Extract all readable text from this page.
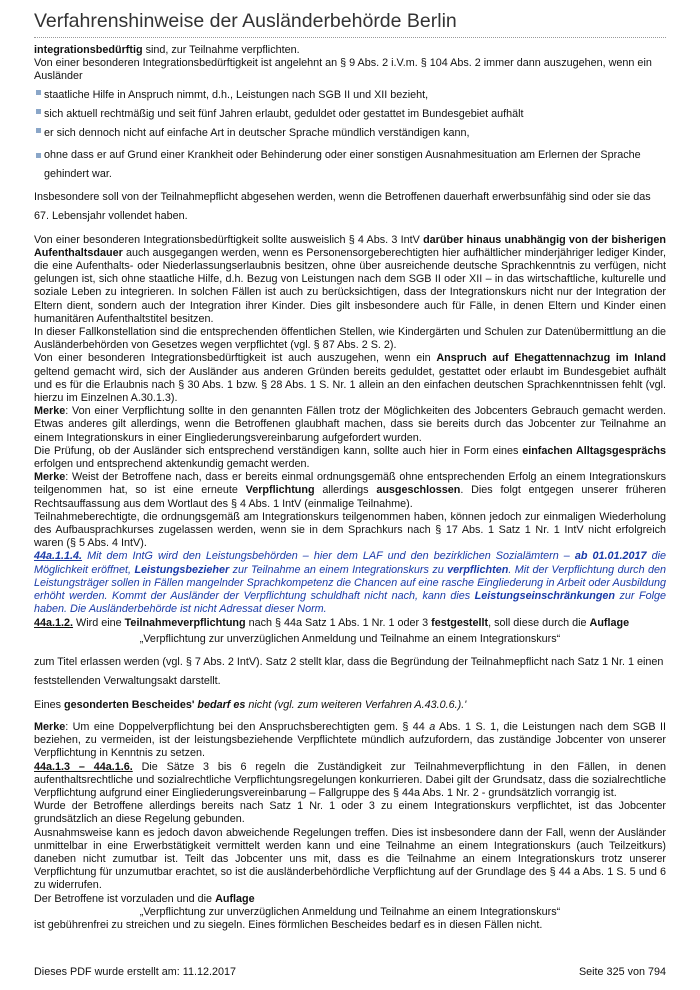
Verfahrenshinweise der Ausländerbehörde Berlin

integrationsbedürftig sind, zur Teilnahme verpflichten.
Von einer besonderen Integrationsbedürftigkeit ist angelehnt an § 9 Abs. 2 i.V.m. § 104 Abs. 2 immer dann auszugehen, wenn ein Ausländer

staatliche Hilfe in Anspruch nimmt, d.h., Leistungen nach SGB II und XII bezieht,
sich aktuell rechtmäßig und seit fünf Jahren erlaubt, geduldet oder gestattet im Bundesgebiet aufhält
er sich dennoch nicht auf einfache Art in deutscher Sprache mündlich verständigen kann,
ohne dass er auf Grund einer Krankheit oder Behinderung oder einer sonstigen Ausnahmesituation am Erlernen der Sprache gehindert war.

Insbesondere soll von der Teilnahmepflicht abgesehen werden, wenn die Betroffenen dauerhaft erwerbsunfähig sind oder sie das 67. Lebensjahr vollendet haben.

Von einer besonderen Integrationsbedürftigkeit sollte ausweislich § 4 Abs. 3 IntV darüber hinaus unabhängig von der bisherigen Aufenthaltsdauer auch ausgegangen werden, wenn es Personensorgeberechtigten hier aufhältlicher minderjähriger lediger Kinder, die eine Aufenthalts- oder Niederlassungserlaubnis besitzen, ohne über ausreichende deutsche Sprachkenntnis zu verfügen, nicht gelungen ist, sich ohne staatliche Hilfe, d.h. Bezug von Leistungen nach dem SGB II oder XII – in das wirtschaftliche, kulturelle und soziale Leben zu integrieren. In solchen Fällen ist auch zu berücksichtigen, dass der Integrationskurs nicht nur der Integration der Eltern dient, sondern auch der Integration ihrer Kinder. Dies gilt insbesondere auch für Fälle, in denen Eltern und Kinder einen humanitären Aufenthaltstitel besitzen.

In dieser Fallkonstellation sind die entsprechenden öffentlichen Stellen, wie Kindergärten und Schulen zur Datenübermittlung an die Ausländerbehörden von Gesetzes wegen verpflichtet (vgl. § 87 Abs. 2 S. 2).

Von einer besonderen Integrationsbedürftigkeit ist auch auszugehen, wenn ein Anspruch auf Ehegattennachzug im Inland geltend gemacht wird, sich der Ausländer aus anderen Gründen bereits geduldet, gestattet oder erlaubt im Bundesgebiet aufhält und es für die Erlaubnis nach § 30 Abs. 1 bzw. § 28 Abs. 1 S. Nr. 1 allein an den einfachen deutschen Sprachkenntnissen fehlt (vgl. hierzu im Einzelnen A.30.1.3).

Merke: Von einer Verpflichtung sollte in den genannten Fällen trotz der Möglichkeiten des Jobcenters Gebrauch gemacht werden. Etwas anderes gilt allerdings, wenn die Betroffenen glaubhaft machen, dass sie bereits durch das Jobcenter zur Teilnahme an einem Integrationskurs in einer Eingliederungsvereinbarung aufgefordert wurden.

Die Prüfung, ob der Ausländer sich entsprechend verständigen kann, sollte auch hier in Form eines einfachen Alltagsgesprächs erfolgen und entsprechend aktenkundig gemacht werden.

Merke: Weist der Betroffene nach, dass er bereits einmal ordnungsgemäß ohne entsprechenden Erfolg an einem Integrationskurs teilgenommen hat, so ist eine erneute Verpflichtung allerdings ausgeschlossen. Dies folgt entgegen unserer früheren Rechtsauffassung aus dem Wortlaut des § 4 Abs. 1 IntV (einmalige Teilnahme).

Teilnahmeberechtigte, die ordnungsgemäß am Integrationskurs teilgenommen haben, können jedoch zur einmaligen Wiederholung des Aufbausprachkurses zugelassen werden, wenn sie in dem Sprachkurs nach § 17 Abs. 1 Satz 1 Nr. 1 IntV nicht erfolgreich waren (§ 5 Abs. 4 IntV).

44a.1.1.4. Mit dem IntG wird den Leistungsbehörden – hier dem LAF und den bezirklichen Sozialämtern – ab 01.01.2017 die Möglichkeit eröffnet, Leistungsbezieher zur Teilnahme an einem Integrationskurs zu verpflichten. Mit der Verpflichtung durch den Leistungsträger sollen in Fällen mangelnder Sprachkompetenz die Chancen auf eine rasche Eingliederung in Arbeit oder Ausbildung erhöht werden. Kommt der Ausländer der Verpflichtung schuldhaft nicht nach, kann dies Leistungseinschränkungen zur Folge haben. Die Ausländerbehörde ist nicht Adressat dieser Norm.

44a.1.2. Wird eine Teilnahmeverpflichtung nach § 44a Satz 1 Abs. 1 Nr. 1 oder 3 festgestellt, soll diese durch die Auflage

„Verpflichtung zur unverzüglichen Anmeldung und Teilnahme an einem Integrationskurs“

zum Titel erlassen werden (vgl. § 7 Abs. 2 IntV). Satz 2 stellt klar, dass die Begründung der Teilnahmepflicht nach Satz 1 Nr. 1 einen feststellenden Verwaltungsakt darstellt.

Eines gesonderten Bescheides' bedarf es nicht (vgl. zum weiteren Verfahren A.43.0.6.).'

Merke: Um eine Doppelverpflichtung bei den Anspruchsberechtigten gem. § 44 a Abs. 1 S. 1, die Leistungen nach dem SGB II beziehen, zu vermeiden, ist der leistungsbeziehende Verpflichtete mündlich aufzufordern, das zuständige Jobcenter von unserer Verpflichtung in Kenntnis zu setzen.

44a.1.3 – 44a.1.6. Die Sätze 3 bis 6 regeln die Zuständigkeit zur Teilnahmeverpflichtung in den Fällen, in denen aufenthaltsrechtliche und sozialrechtliche Verpflichtungsregelungen konkurrieren. Dabei gilt der Grundsatz, dass die sozialrechtliche Verpflichtung aufgrund einer Eingliederungsvereinbarung – Fallgruppe des § 44a Abs. 1 Nr. 2 - grundsätzlich vorrangig ist.

Wurde der Betroffene allerdings bereits nach Satz 1 Nr. 1 oder 3 zu einem Integrationskurs verpflichtet, ist das Jobcenter grundsätzlich an diese Regelung gebunden.

Ausnahmsweise kann es jedoch davon abweichende Regelungen treffen. Dies ist insbesondere dann der Fall, wenn der Ausländer unmittelbar in eine Erwerbstätigkeit vermittelt werden kann und eine Teilnahme an einem Integrationskurs (auch Teilzeitkurs) daneben nicht zumutbar ist. Teilt das Jobcenter uns mit, dass es die Teilnahme an einem Integrationskurs trotz unserer Verpflichtung für unzumutbar erachtet, so ist die ausländerbehördliche Verpflichtung auf der Grundlage des § 44 a Abs. 1 S. 5 und 6 zu widerrufen.

Der Betroffene ist vorzuladen und die Auflage

„Verpflichtung zur unverzüglichen Anmeldung und Teilnahme an einem Integrationskurs“

ist gebührenfrei zu streichen und zu siegeln. Eines förmlichen Bescheides bedarf es in diesen Fällen nicht.

Dieses PDF wurde erstellt am: 11.12.2017	Seite 325 von 794
